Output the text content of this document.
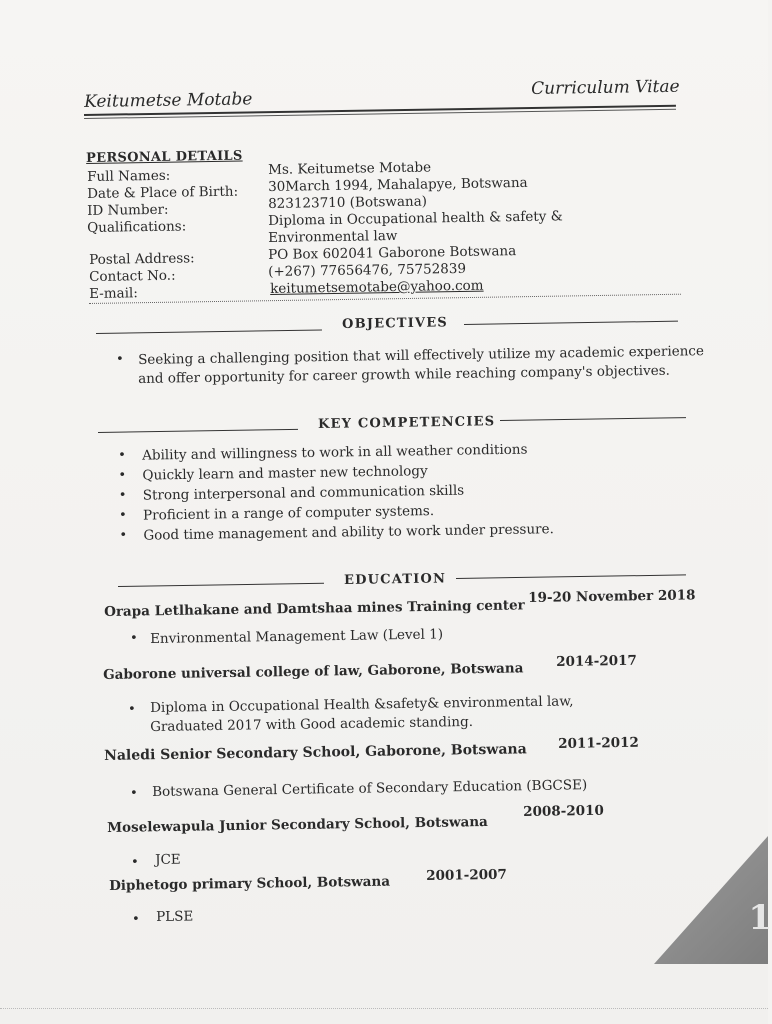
Keitumetse Motabe
Curriculum Vitae
PERSONAL DETAILS
Full Names:
Date & Place of Birth:
ID Number:
Qualifications:
Postal Address:
Contact No.:
E-mail:
Ms. Keitumetse Motabe
30March 1994, Mahalapye, Botswana
823123710 (Botswana)
Diploma in Occupational health & safety &
Environmental law
PO Box 602041 Gaborone Botswana
(+267) 77656476, 75752839
keitumetsemotabe@yahoo.com
OBJECTIVES
• Seeking a challenging position that will effectively utilize my academic experience
and offer opportunity for career growth while reaching company's objectives.
KEY COMPETENCIES
• Ability and willingness to work in all weather conditions
• Quickly learn and master new technology
• Strong interpersonal and communication skills
• Proficient in a range of computer systems.
• Good time management and ability to work under pressure.
EDUCATION
Orapa Letlhakane and Damtshaa mines Training center
19-20 November 2018
• Environmental Management Law (Level 1)
Gaborone universal college of law, Gaborone, Botswana 2014-2017
• Diploma in Occupational Health &safety& environmental law,
Graduated 2017 with Good academic standing.
Naledi Senior Secondary School, Gaborone, Botswana 2011-2012
• Botswana General Certificate of Secondary Education (BGCSE)
Moselewapula Junior Secondary School, Botswana
2008-2010
• JCE
Diphetogo primary School, Botswana	2001-2007
• PLSE	1
